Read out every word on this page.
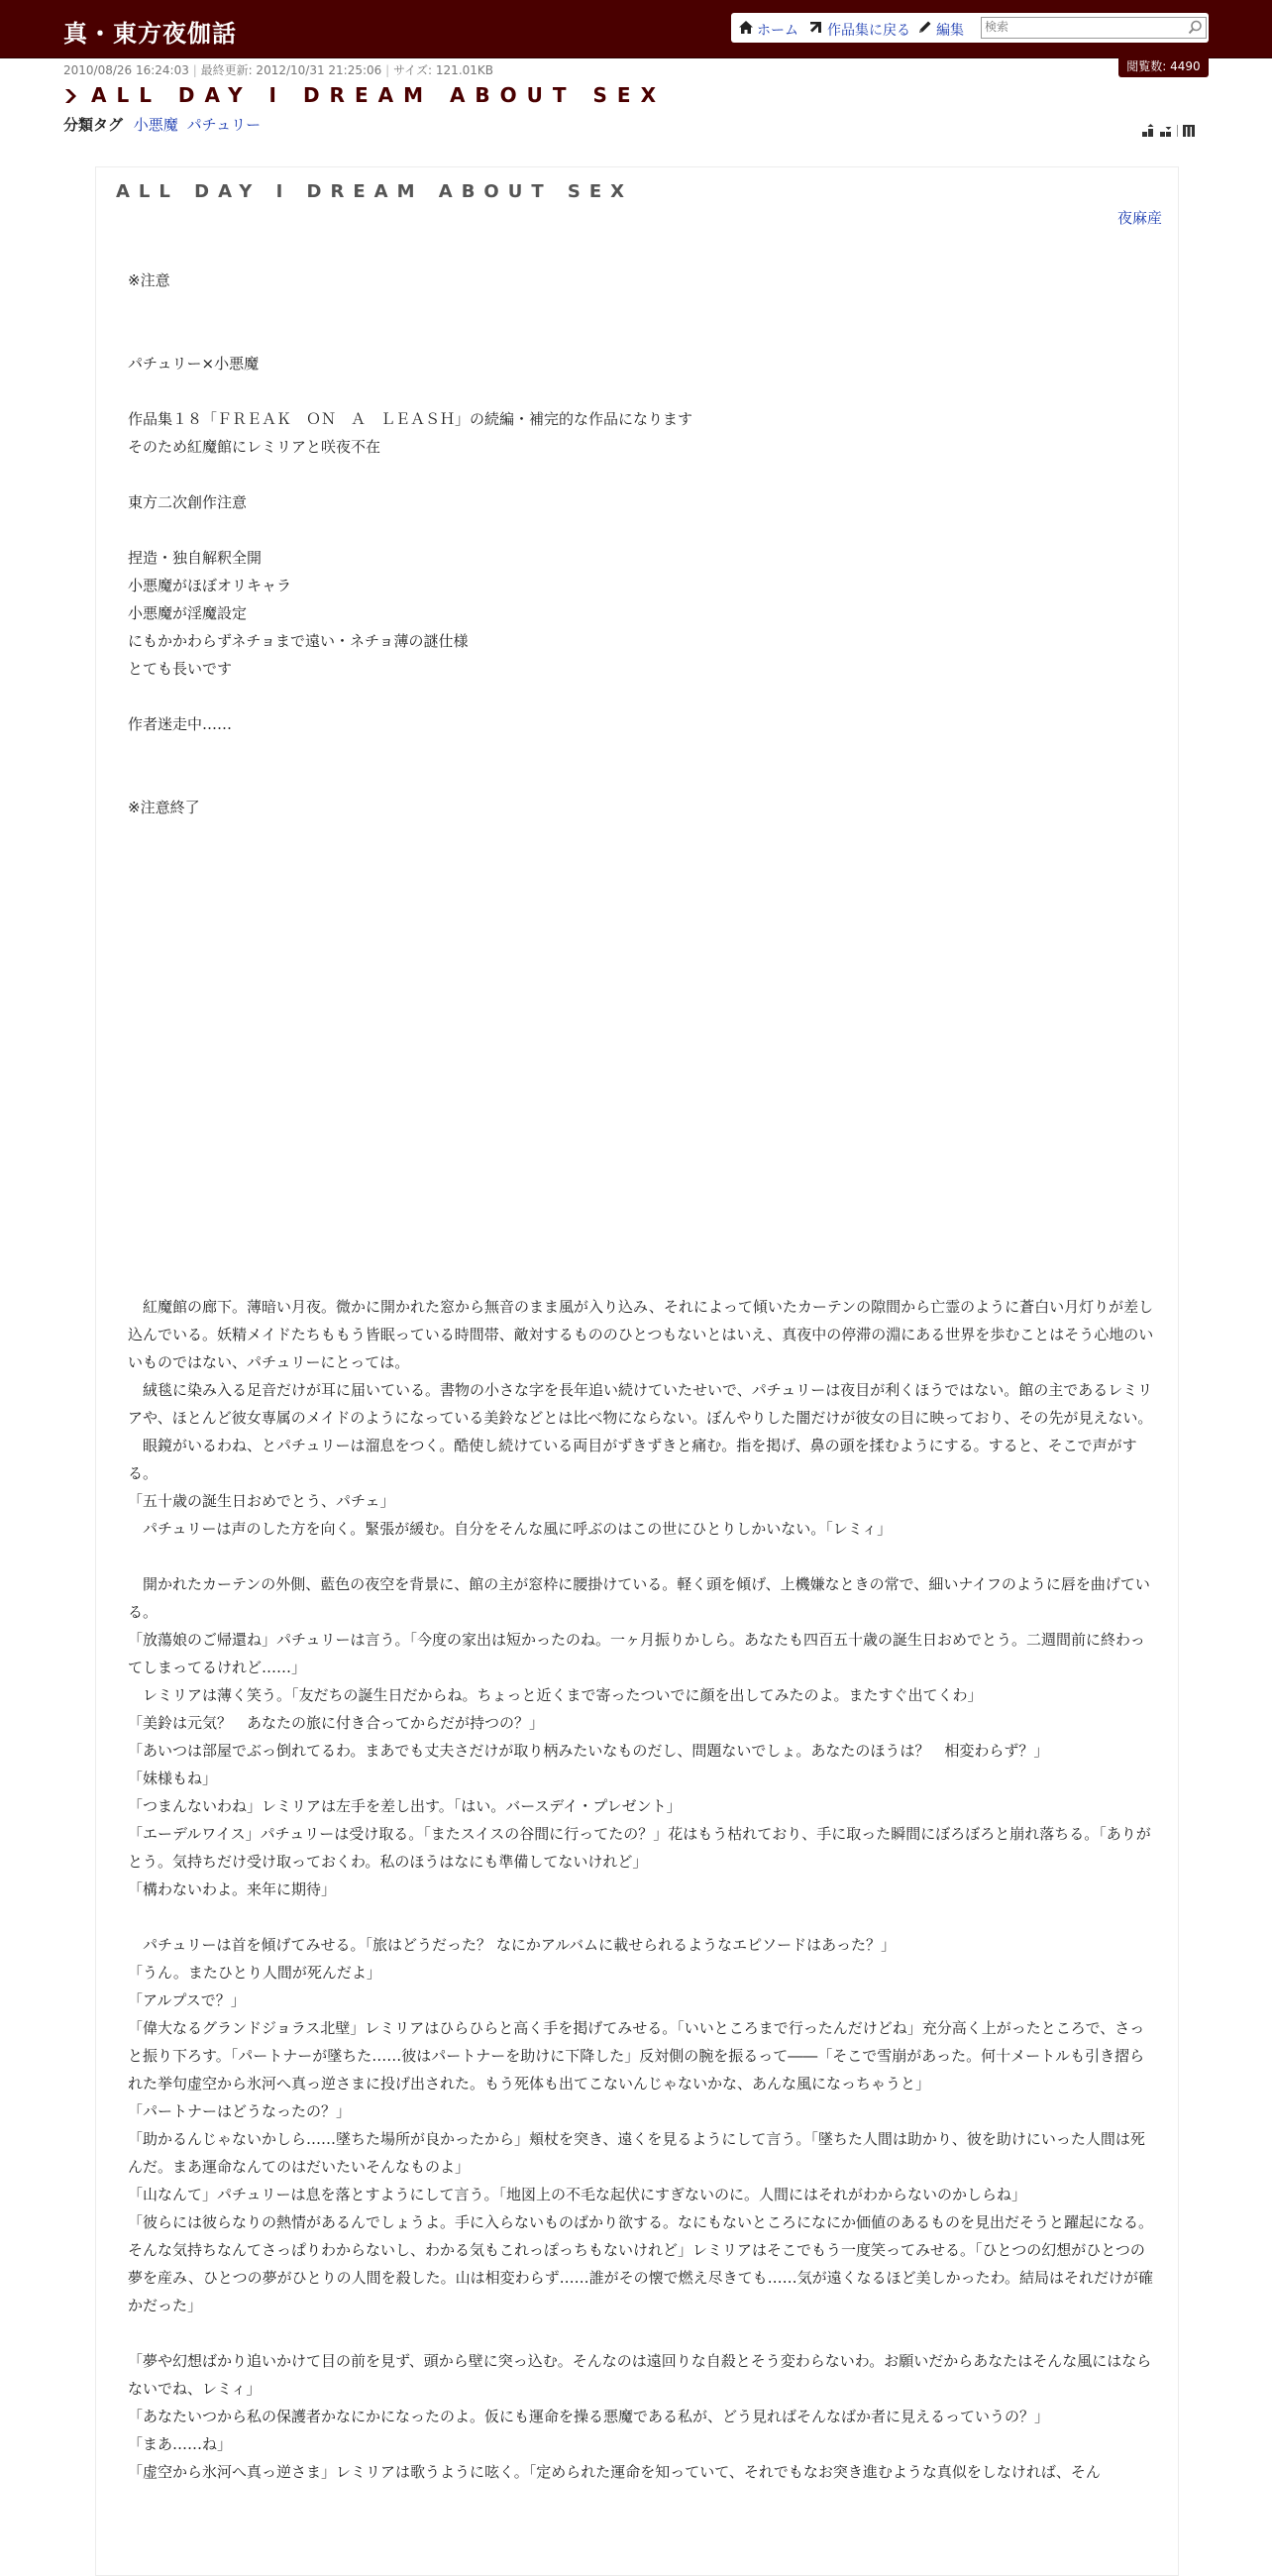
真・東方夜伽話	ホーム 作品集に戻る 編集
検索
閲覧数: 4490
2010/08/26 16:24:03 | 最終更新: 2012/10/31 21:25:06 | サイズ: 121.01KB
ALL DAY I DREAM ABOUT SEX
分類タグ 小悪魔 パチュリー
ALL DAY I DREAM ABOUT SEX
夜麻産

※注意

パチュリー×小悪魔

作品集１８「ＦＲＥＡＫ　ＯＮ　Ａ　ＬＥＡＳＨ」の続編・補完的な作品になります

そのため紅魔館にレミリアと咲夜不在

東方二次創作注意

捏造・独自解釈全開

小悪魔がほぼオリキャラ

小悪魔が淫魔設定

にもかかわらずネチョまで遠い・ネチョ薄の謎仕様

とても長いです

作者迷走中……

※注意終了

　紅魔館の廊下。薄暗い月夜。微かに開かれた窓から無音のまま風が入り込み、それによって傾いたカーテンの隙間から亡霊のように蒼白い月灯りが差し込んでいる。妖精メイドたちももう皆眠っている時間帯、敵対するもののひとつもないとはいえ、真夜中の停滞の淵にある世界を歩むことはそう心地のいいものではない、パチュリーにとっては。

　絨毯に染み入る足音だけが耳に届いている。書物の小さな字を長年追い続けていたせいで、パチュリーは夜目が利くほうではない。館の主であるレミリアや、ほとんど彼女専属のメイドのようになっている美鈴などとは比べ物にならない。ぼんやりした闇だけが彼女の目に映っており、その先が見えない。

　眼鏡がいるわね、とパチュリーは溜息をつく。酷使し続けている両目がずきずきと痛む。指を掲げ、鼻の頭を揉むようにする。すると、そこで声がする。

「五十歳の誕生日おめでとう、パチェ」

　パチュリーは声のした方を向く。緊張が緩む。自分をそんな風に呼ぶのはこの世にひとりしかいない。「レミィ」

　開かれたカーテンの外側、藍色の夜空を背景に、館の主が窓枠に腰掛けている。軽く頭を傾げ、上機嫌なときの常で、細いナイフのように唇を曲げている。

「放蕩娘のご帰還ね」パチュリーは言う。「今度の家出は短かったのね。一ヶ月振りかしら。あなたも四百五十歳の誕生日おめでとう。二週間前に終わってしまってるけれど……」

　レミリアは薄く笑う。「友だちの誕生日だからね。ちょっと近くまで寄ったついでに顔を出してみたのよ。またすぐ出てくわ」

「美鈴は元気？　あなたの旅に付き合ってからだが持つの？」

「あいつは部屋でぶっ倒れてるわ。まあでも丈夫さだけが取り柄みたいなものだし、問題ないでしょ。あなたのほうは？　相変わらず？」

「妹様もね」

「つまんないわね」レミリアは左手を差し出す。「はい。バースデイ・プレゼント」

「エーデルワイス」パチュリーは受け取る。「またスイスの谷間に行ってたの？」花はもう枯れており、手に取った瞬間にぼろぼろと崩れ落ちる。「ありがとう。気持ちだけ受け取っておくわ。私のほうはなにも準備してないけれど」

「構わないわよ。来年に期待」

　パチュリーは首を傾げてみせる。「旅はどうだった？ なにかアルバムに載せられるようなエピソードはあった？」

「うん。またひとり人間が死んだよ」

「アルプスで？」

「偉大なるグランドジョラス北壁」レミリアはひらひらと高く手を掲げてみせる。「いいところまで行ったんだけどね」充分高く上がったところで、さっと振り下ろす。「パートナーが墜ちた……彼はパートナーを助けに下降した」反対側の腕を振るって――「そこで雪崩があった。何十メートルも引き摺られた挙句虚空から氷河へ真っ逆さまに投げ出された。もう死体も出てこないんじゃないかな、あんな風になっちゃうと」

「パートナーはどうなったの？」

「助かるんじゃないかしら……墜ちた場所が良かったから」頬杖を突き、遠くを見るようにして言う。「墜ちた人間は助かり、彼を助けにいった人間は死んだ。まあ運命なんてのはだいたいそんなものよ」

「山なんて」パチュリーは息を落とすようにして言う。「地図上の不毛な起伏にすぎないのに。人間にはそれがわからないのかしらね」

「彼らには彼らなりの熱情があるんでしょうよ。手に入らないものばかり欲する。なにもないところになにか価値のあるものを見出だそうと躍起になる。そんな気持ちなんてさっぱりわからないし、わかる気もこれっぽっちもないけれど」レミリアはそこでもう一度笑ってみせる。「ひとつの幻想がひとつの夢を産み、ひとつの夢がひとりの人間を殺した。山は相変わらず……誰がその懐で燃え尽きても……気が遠くなるほど美しかったわ。結局はそれだけが確かだった」

「夢や幻想ばかり追いかけて目の前を見ず、頭から壁に突っ込む。そんなのは遠回りな自殺とそう変わらないわ。お願いだからあなたはそんな風にはならないでね、レミィ」

「あなたいつから私の保護者かなにかになったのよ。仮にも運命を操る悪魔である私が、どう見ればそんなばか者に見えるっていうの？」

「まあ……ね」

「虚空から氷河へ真っ逆さま」レミリアは歌うように呟く。「定められた運命を知っていて、それでもなお突き進むような真似をしなければ、そん
